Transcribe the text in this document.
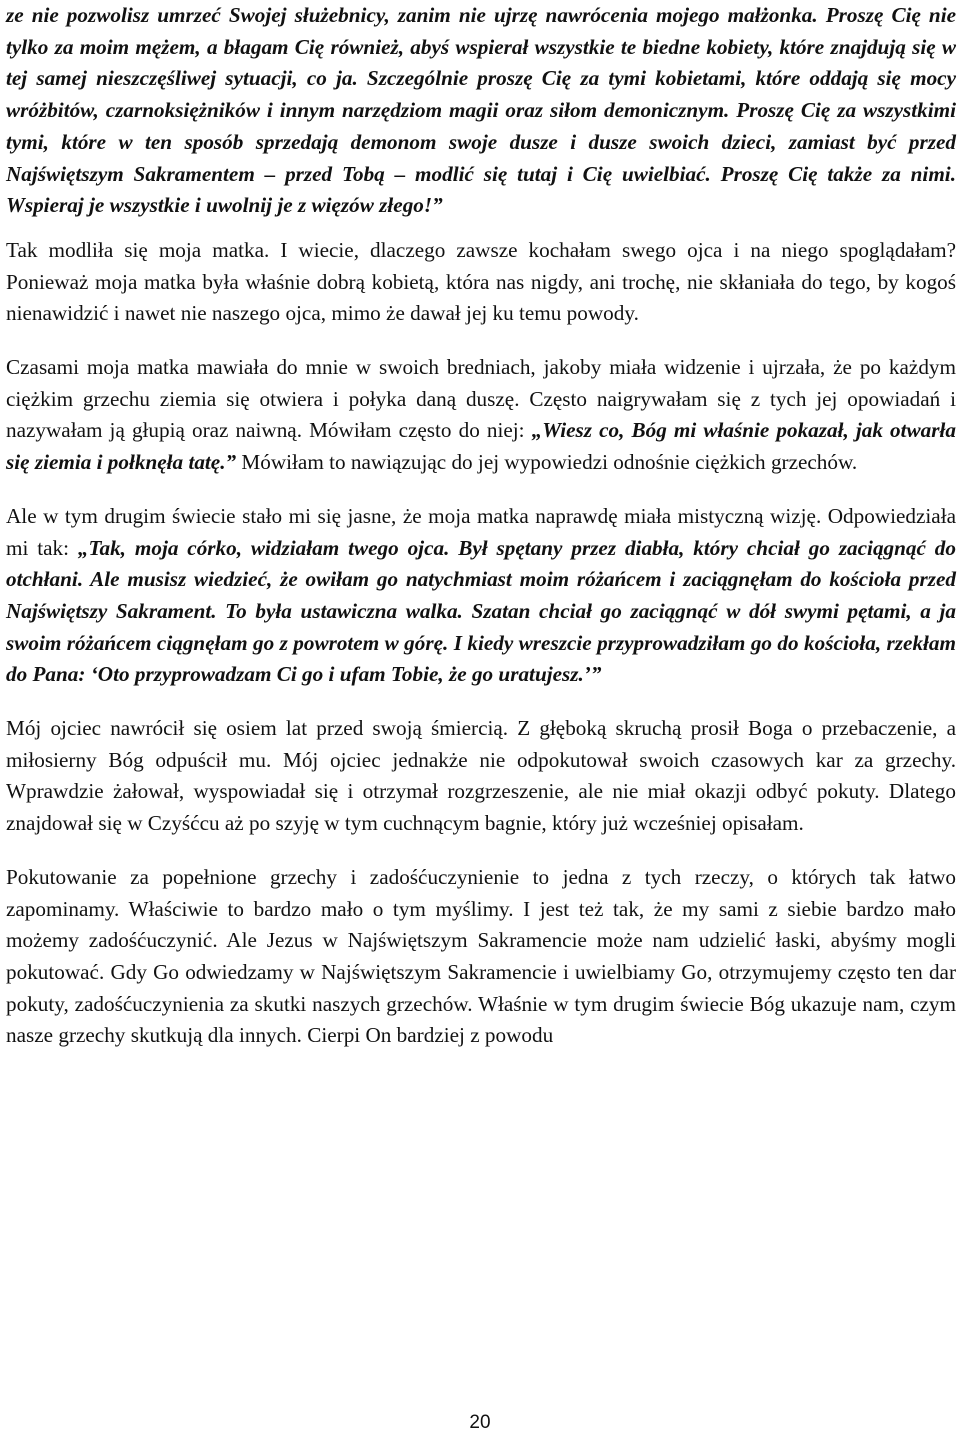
ze nie pozwolisz umrzeć Swojej służebnicy, zanim nie ujrzę nawrócenia mojego małżonka. Proszę Cię nie tylko za moim mężem, a błagam Cię również, abyś wspierał wszystkie te biedne kobiety, które znajdują się w tej samej nieszczęśliwej sytuacji, co ja. Szczególnie proszę Cię za tymi kobietami, które oddają się mocy wróżbitów, czarnoksiężników i innym narzędziom magii oraz siłom demonicznym. Proszę Cię za wszystkimi tymi, które w ten sposób sprzedają demonom swoje dusze i dusze swoich dzieci, zamiast być przed Najświętszym Sakramentem – przed Tobą – modlić się tutaj i Cię uwielbiać. Proszę Cię także za nimi. Wspieraj je wszystkie i uwolnij je z więzów złego!”

Tak modliła się moja matka. I wiecie, dlaczego zawsze kochałam swego ojca i na niego spoglądałam? Ponieważ moja matka była właśnie dobrą kobietą, która nas nigdy, ani trochę, nie skłaniała do tego, by kogoś nienawidzić i nawet nie naszego ojca, mimo że dawał jej ku temu powody.

Czasami moja matka mawiała do mnie w swoich bredniach, jakoby miała widzenie i ujrzała, że po każdym ciężkim grzechu ziemia się otwiera i połyka daną duszę. Często naigrywałam się z tych jej opowiadań i nazywałam ją głupią oraz naiwną. Mówiłam często do niej: „Wiesz co, Bóg mi właśnie pokazał, jak otwarła się ziemia i połknęła tatę.” Mówiłam to nawiązując do jej wypowiedzi odnośnie ciężkich grzechów.

Ale w tym drugim świecie stało mi się jasne, że moja matka naprawdę miała mistyczną wizję. Odpowiedziała mi tak: „Tak, moja córko, widziałam twego ojca. Był spętany przez diabła, który chciał go zaciągnąć do otchłani. Ale musisz wiedzieć, że owiłam go natychmiast moim różańcem i zaciągnęłam do kościoła przed Najświętszy Sakrament. To była ustawiczna walka. Szatan chciał go zaciągnąć w dół swymi pętami, a ja swoim różańcem ciągnęłam go z powrotem w górę. I kiedy wreszcie przyprowadziłam go do kościoła, rzekłam do Pana: ‘Oto przyprowadzam Ci go i ufam Tobie, że go uratujesz.’”

Mój ojciec nawrócił się osiem lat przed swoją śmiercią. Z głęboką skruchą prosił Boga o przebaczenie, a miłosierny Bóg odpuścił mu. Mój ojciec jednakże nie odpokutował swoich czasowych kar za grzechy. Wprawdzie żałował, wyspowiadał się i otrzymał rozgrzeszenie, ale nie miał okazji odbyć pokuty. Dlatego znajdował się w Czyśćcu aż po szyję w tym cuchnącym bagnie, który już wcześniej opisałam.

Pokutowanie za popełnione grzechy i zadośćuczynienie to jedna z tych rzeczy, o których tak łatwo zapominamy. Właściwie to bardzo mało o tym myślimy. I jest też tak, że my sami z siebie bardzo mało możemy zadośćuczynić. Ale Jezus w Najświętszym Sakramencie może nam udzielić łaski, abyśmy mogli pokutować. Gdy Go odwiedzamy w Najświętszym Sakramencie i uwielbiamy Go, otrzymujemy często ten dar pokuty, zadośćuczynienia za skutki naszych grzechów. Właśnie w tym drugim świecie Bóg ukazuje nam, czym nasze grzechy skutkują dla innych. Cierpi On bardziej z powodu

20
